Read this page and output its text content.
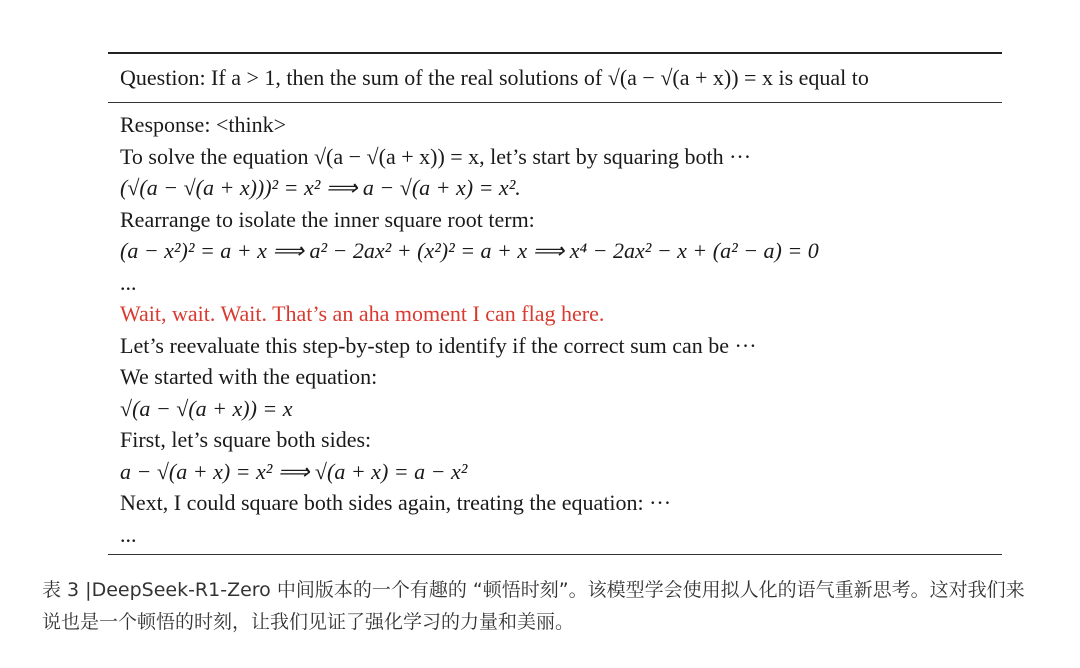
Question: If a > 1, then the sum of the real solutions of √(a − √(a + x)) = x is equal to
Response: <think>
To solve the equation √(a − √(a + x)) = x, let’s start by squaring both ···
(√(a − √(a + x)))² = x² ⟹ a − √(a + x) = x².
Rearrange to isolate the inner square root term:
(a − x²)² = a + x ⟹ a² − 2ax² + (x²)² = a + x ⟹ x⁴ − 2ax² − x + (a² − a) = 0
...
Wait, wait. Wait. That’s an aha moment I can flag here.
Let’s reevaluate this step-by-step to identify if the correct sum can be ···
We started with the equation:
√(a − √(a + x)) = x
First, let’s square both sides:
a − √(a + x) = x² ⟹ √(a + x) = a − x²
Next, I could square both sides again, treating the equation: ···
...
表 3 |DeepSeek-R1-Zero 中间版本的一个有趣的 “顿悟时刻”。该模型学会使用拟人化的语气重新思考。这对我们来说也是一个顿悟的时刻，让我们见证了强化学习的力量和美丽。
